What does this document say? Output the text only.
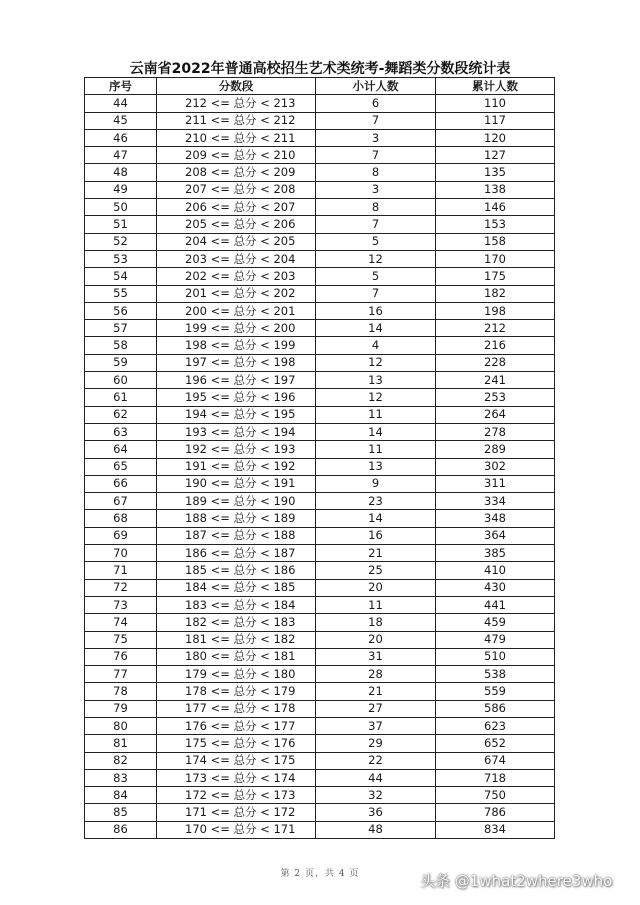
云南省2022年普通高校招生艺术类统考-舞蹈类分数段统计表
序号	分数段	小计人数	累计人数
44	212 <= 总分 < 213	6	110
45	211 <= 总分 < 212	7	117
46	210 <= 总分 < 211	3	120
47	209 <= 总分 < 210	7	127
48	208 <= 总分 < 209	8	135
49	207 <= 总分 < 208	3	138
50	206 <= 总分 < 207	8	146
51	205 <= 总分 < 206	7	153
52	204 <= 总分 < 205	5	158
53	203 <= 总分 < 204	12	170
54	202 <= 总分 < 203	5	175
55	201 <= 总分 < 202	7	182
56	200 <= 总分 < 201	16	198
57	199 <= 总分 < 200	14	212
58	198 <= 总分 < 199	4	216
59	197 <= 总分 < 198	12	228
60	196 <= 总分 < 197	13	241
61	195 <= 总分 < 196	12	253
62	194 <= 总分 < 195	11	264
63	193 <= 总分 < 194	14	278
64	192 <= 总分 < 193	11	289
65	191 <= 总分 < 192	13	302
66	190 <= 总分 < 191	9	311
67	189 <= 总分 < 190	23	334
68	188 <= 总分 < 189	14	348
69	187 <= 总分 < 188	16	364
70	186 <= 总分 < 187	21	385
71	185 <= 总分 < 186	25	410
72	184 <= 总分 < 185	20	430
73	183 <= 总分 < 184	11	441
74	182 <= 总分 < 183	18	459
75	181 <= 总分 < 182	20	479
76	180 <= 总分 < 181	31	510
77	179 <= 总分 < 180	28	538
78	178 <= 总分 < 179	21	559
79	177 <= 总分 < 178	27	586
80	176 <= 总分 < 177	37	623
81	175 <= 总分 < 176	29	652
82	174 <= 总分 < 175	22	674
83	173 <= 总分 < 174	44	718
84	172 <= 总分 < 173	32	750
85	171 <= 总分 < 172	36	786
86	170 <= 总分 < 171	48	834
第 2 页，共 4 页	头条 @1what2where3who
